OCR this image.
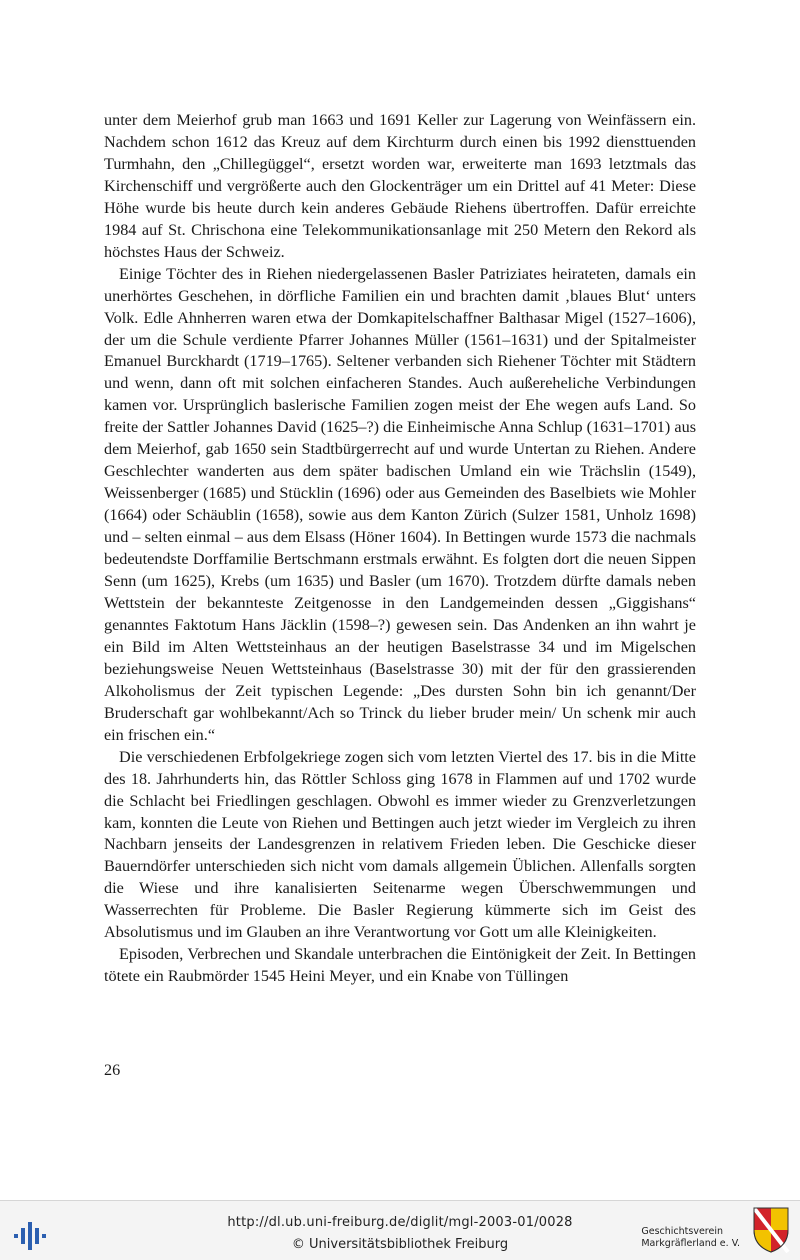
unter dem Meierhof grub man 1663 und 1691 Keller zur Lagerung von Weinfässern ein. Nachdem schon 1612 das Kreuz auf dem Kirchturm durch einen bis 1992 diensttuenden Turmhahn, den „Chillegüggel“, ersetzt worden war, erweiterte man 1693 letztmals das Kirchenschiff und vergrößerte auch den Glockenträger um ein Drittel auf 41 Meter: Diese Höhe wurde bis heute durch kein anderes Gebäude Riehens übertroffen. Dafür erreichte 1984 auf St. Chrischona eine Telekommunikationsanlage mit 250 Metern den Rekord als höchstes Haus der Schweiz.

Einige Töchter des in Riehen niedergelassenen Basler Patriziates heirateten, damals ein unerhörtes Geschehen, in dörfliche Familien ein und brachten damit ‚blaues Blut‘ unters Volk. Edle Ahnherren waren etwa der Domkapitelschaffner Balthasar Migel (1527–1606), der um die Schule verdiente Pfarrer Johannes Müller (1561–1631) und der Spitalmeister Emanuel Burckhardt (1719–1765). Seltener verbanden sich Riehener Töchter mit Städtern und wenn, dann oft mit solchen einfacheren Standes. Auch außereheliche Verbindungen kamen vor. Ursprünglich baslerische Familien zogen meist der Ehe wegen aufs Land. So freite der Sattler Johannes David (1625–?) die Einheimische Anna Schlup (1631–1701) aus dem Meierhof, gab 1650 sein Stadtbürgerrecht auf und wurde Untertan zu Riehen. Andere Geschlechter wanderten aus dem später badischen Umland ein wie Trächslin (1549), Weissenberger (1685) und Stücklin (1696) oder aus Gemeinden des Baselbiets wie Mohler (1664) oder Schäublin (1658), sowie aus dem Kanton Zürich (Sulzer 1581, Unholz 1698) und – selten einmal – aus dem Elsass (Höner 1604). In Bettingen wurde 1573 die nachmals bedeutendste Dorffamilie Bertschmann erstmals erwähnt. Es folgten dort die neuen Sippen Senn (um 1625), Krebs (um 1635) und Basler (um 1670). Trotzdem dürfte damals neben Wettstein der bekannteste Zeitgenosse in den Landgemeinden dessen „Giggishans“ genanntes Faktotum Hans Jäcklin (1598–?) gewesen sein. Das Andenken an ihn wahrt je ein Bild im Alten Wettsteinhaus an der heutigen Baselstrasse 34 und im Migelschen beziehungsweise Neuen Wettsteinhaus (Baselstrasse 30) mit der für den grassierenden Alkoholismus der Zeit typischen Legende: „Des dursten Sohn bin ich genannt/Der Bruderschaft gar wohlbekannt/Ach so Trinck du lieber bruder mein/ Un schenk mir auch ein frischen ein.“

Die verschiedenen Erbfolgekriege zogen sich vom letzten Viertel des 17. bis in die Mitte des 18. Jahrhunderts hin, das Röttler Schloss ging 1678 in Flammen auf und 1702 wurde die Schlacht bei Friedlingen geschlagen. Obwohl es immer wieder zu Grenzverletzungen kam, konnten die Leute von Riehen und Bettingen auch jetzt wieder im Vergleich zu ihren Nachbarn jenseits der Landesgrenzen in relativem Frieden leben. Die Geschicke dieser Bauerndörfer unterschieden sich nicht vom damals allgemein Üblichen. Allenfalls sorgten die Wiese und ihre kanalisierten Seitenarme wegen Überschwemmungen und Wasserrechten für Probleme. Die Basler Regierung kümmerte sich im Geist des Absolutismus und im Glauben an ihre Verantwortung vor Gott um alle Kleinigkeiten.

Episoden, Verbrechen und Skandale unterbrachen die Eintönigkeit der Zeit. In Bettingen tötete ein Raubmörder 1545 Heini Meyer, und ein Knabe von Tüllingen

26
http://dl.ub.uni-freiburg.de/diglit/mgl-2003-01/0028
© Universitätsbibliothek Freiburg
Geschichtsverein
Markgräflerland e. V.
